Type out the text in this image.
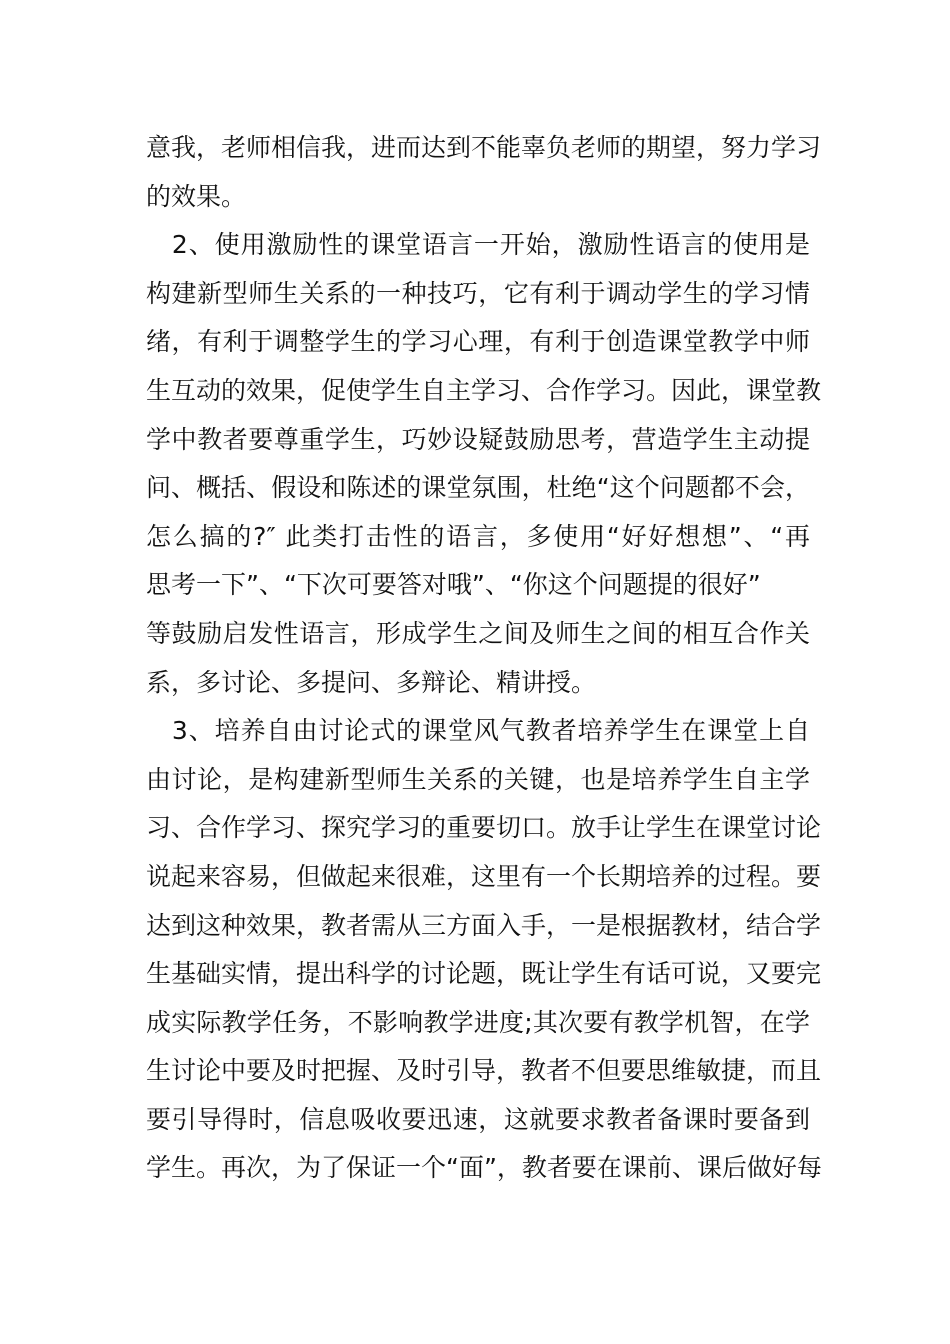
意我，老师相信我，进而达到不能辜负老师的期望，努力学习
的效果。
　2、使用激励性的课堂语言一开始，激励性语言的使用是
构建新型师生关系的一种技巧，它有利于调动学生的学习情
绪，有利于调整学生的学习心理，有利于创造课堂教学中师
生互动的效果，促使学生自主学习、合作学习。因此，课堂教
学中教者要尊重学生，巧妙设疑鼓励思考，营造学生主动提
问、概括、假设和陈述的课堂氛围，杜绝“这个问题都不会，
怎么搞的?″ 此类打击性的语言，多使用“好好想想”、“再
思考一下”、“下次可要答对哦”、“你这个问题提的很好”
等鼓励启发性语言，形成学生之间及师生之间的相互合作关
系，多讨论、多提问、多辩论、精讲授。
　3、培养自由讨论式的课堂风气教者培养学生在课堂上自
由讨论，是构建新型师生关系的关键，也是培养学生自主学
习、合作学习、探究学习的重要切口。放手让学生在课堂讨论
说起来容易，但做起来很难，这里有一个长期培养的过程。要
达到这种效果，教者需从三方面入手，一是根据教材，结合学
生基础实情，提出科学的讨论题，既让学生有话可说，又要完
成实际教学任务，不影响教学进度;其次要有教学机智，在学
生讨论中要及时把握、及时引导，教者不但要思维敏捷，而且
要引导得时，信息吸收要迅速，这就要求教者备课时要备到
学生。再次，为了保证一个“面”，教者要在课前、课后做好每
